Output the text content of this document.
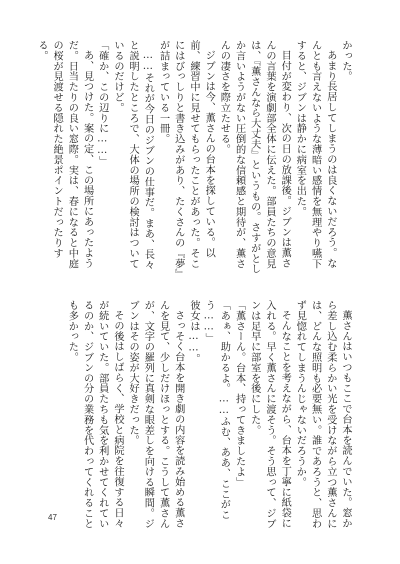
かった。
あまり長居してしまうのは良くないだろう。なんとも言えないような薄暗い感情を無理やり嚥下すると、ジブンは静かに病室を出た。
目付が変わり、次の日の放課後。ジブンは薫さんの言葉を演劇部全体に伝えた。部員たちの意見は、『薫さんなら大丈夫』というもの。さすがとしか言いようがない圧倒的な信頼感と期待が、薫さんの凄さを際立たせる。
ジブンは今、薫さんの台本を探している。以前、練習中に見せてもらったことがあった。そこにはびっしりと書き込みがあり、たくさんの『夢』が詰まっている一冊。
……それが今日のジブンの仕事だ。まあ、長々と説明したところで、大体の場所の検討はついているのだけど。
「確か、この辺りに……」
あ、見つけた。案の定、この場所にあったようだ。日当たりの良い窓際。実は、春になると中庭の桜が見渡せる隠れた絶景ポイントだったりする。
薫さんはいつもここで台本を読んでいた。窓から差し込む柔らかい光を受けながら立つ薫さんには、どんな照明も必要無い。誰であろうと、思わず見惚れてしまうんじゃないだろうか。
そんなことを考えながら、台本を丁寧に紙袋に入れる。早く薫さんに渡そう。そう思って、ジブンは足早に部室を後にした。
「薫さーん。台本、持ってきましたよ」
「あぁ、助かるよ。……ふむ、ああ、ここがこう……」
彼女は……。
さっそく台本を開き劇の内容を読み始める薫さんを見て、少しだけほっとする。こうして薫さんが、文字の羅列に真剣な眼差しを向ける瞬間。ジブンはその姿が大好きだった。
その後はしばらく、学校と病院を往復する日々が続いていた。部員たちも気を利かせてくれているのか、ジブンの分の業務を代わってくれることも多かった。
47
